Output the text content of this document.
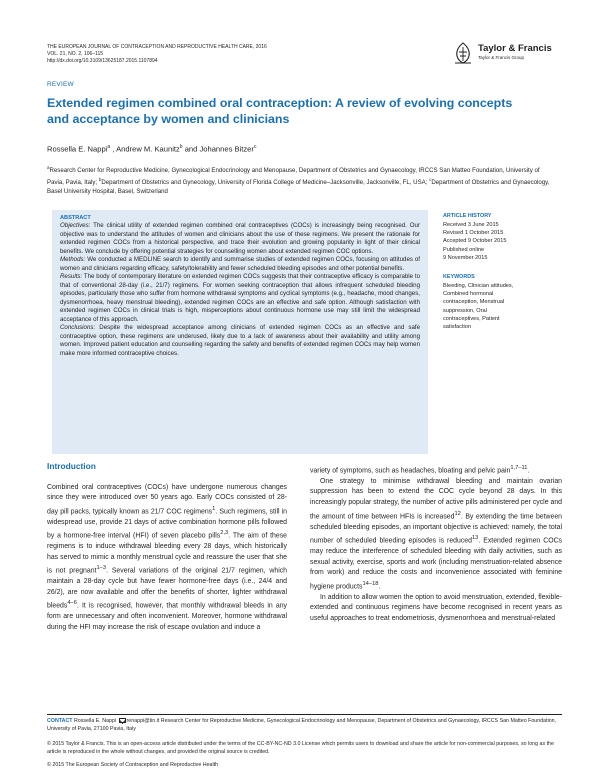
THE EUROPEAN JOURNAL OF CONTRACEPTION AND REPRODUCTIVE HEALTH CARE, 2016
VOL. 21, NO. 2, 106–115
http://dx.doi.org/10.3109/13625187.2015.1107894
Taylor & Francis
Taylor & Francis Group
REVIEW
Extended regimen combined oral contraception: A review of evolving concepts and acceptance by women and clinicians
Rossella E. Nappi$^a$ , Andrew M. Kaunitz$^b$ and Johannes Bitzer$^c$
$^a$Research Center for Reproductive Medicine, Gynecological Endocrinology and Menopause, Department of Obstetrics and Gynaecology, IRCCS San Matteo Foundation, University of Pavia, Pavia, Italy; $^b$Department of Obstetrics and Gynecology, University of Florida College of Medicine–Jacksonville, Jacksonville, FL, USA; $^c$Department of Obstetrics and Gynaecology, Basel University Hospital, Basel, Switzerland
ABSTRACT

Objectives: The clinical utility of extended regimen combined oral contraceptives (COCs) is increasingly being recognised. Our objective was to understand the attitudes of women and clinicians about the use of these regimens. We present the rationale for extended regimen COCs from a historical perspective, and trace their evolution and growing popularity in light of their clinical benefits. We conclude by offering potential strategies for counselling women about extended regimen COC options.

Methods: We conducted a MEDLINE search to identify and summarise studies of extended regimen COCs, focusing on attitudes of women and clinicians regarding efficacy, safety/tolerability and fewer scheduled bleeding episodes and other potential benefits.

Results: The body of contemporary literature on extended regimen COCs suggests that their contraceptive efficacy is comparable to that of conventional 28-day (i.e., 21/7) regimens. For women seeking contraception that allows infrequent scheduled bleeding episodes, particularly those who suffer from hormone withdrawal symptoms and cyclical symptoms (e.g., headache, mood changes, dysmenorrhoea, heavy menstrual bleeding), extended regimen COCs are an effective and safe option. Although satisfaction with extended regimen COCs in clinical trials is high, misperceptions about continuous hormone use may still limit the widespread acceptance of this approach.

Conclusions: Despite the widespread acceptance among clinicians of extended regimen COCs as an effective and safe contraceptive option, these regimens are underused, likely due to a lack of awareness about their availability and utility among women. Improved patient education and counselling regarding the safety and benefits of extended regimen COCs may help women make more informed contraceptive choices.

ARTICLE HISTORY
Received 3 June 2015
Revised 1 October 2015
Accepted 9 October 2015
Published online
9 November 2015
KEYWORDS
Bleeding, Clinician attitudes,
Combined hormonal
contraception, Menstrual
suppression, Oral
contraceptives, Patient
satisfaction
Introduction

Combined oral contraceptives (COCs) have undergone numerous changes since they were introduced over 50 years ago. Early COCs consisted of 28-day pill packs, typically known as 21/7 COC regimens$^1$. Such regimens, still in widespread use, provide 21 days of active combination hormone pills followed by a hormone-free interval (HFI) of seven placebo pills$^{2,3}$. The aim of these regimens is to induce withdrawal bleeding every 28 days, which historically has served to mimic a monthly menstrual cycle and reassure the user that she is not pregnant$^{1-3}$. Several variations of the original 21/7 regimen, which maintain a 28-day cycle but have fewer hormone-free days (i.e., 24/4 and 26/2), are now available and offer the benefits of shorter, lighter withdrawal bleeds$^{4-6}$. It is recognised, however, that monthly withdrawal bleeds in any form are unnecessary and often inconvenient. Moreover, hormone withdrawal during the HFI may increase the risk of escape ovulation and induce a

variety of symptoms, such as headaches, bloating and pelvic pain$^{1,7-11}$.

One strategy to minimise withdrawal bleeding and maintain ovarian suppression has been to extend the COC cycle beyond 28 days. In this increasingly popular strategy, the number of active pills administered per cycle and the amount of time between HFIs is increased$^{12}$. By extending the time between scheduled bleeding episodes, an important objective is achieved: namely, the total number of scheduled bleeding episodes is reduced$^{13}$. Extended regimen COCs may reduce the interference of scheduled bleeding with daily activities, such as sexual activity, exercise, sports and work (including menstruation-related absence from work) and reduce the costs and inconvenience associated with feminine hygiene products$^{14-18}$.

In addition to allow women the option to avoid menstruation, extended, flexible-extended and continuous regimens have become recognised in recent years as useful approaches to treat endometriosis, dysmenorrhoea and menstrual-related

CONTACT Rossella E. Nappi renappi@tin.it Research Center for Reproductive Medicine, Gynecological Endocrinology and Menopause, Department of Obstetrics and Gynaecology, IRCCS San Matteo Foundation, University of Pavia, 27100 Pavia, Italy
© 2015 Taylor & Francis. This is an open-access article distributed under the terms of the CC-BY-NC-ND 3.0 License which permits users to download and share the article for non-commercial purposes, so long as the article is reproduced in the whole without changes, and provided the original source is credited.
© 2015 The European Society of Contraception and Reproductive Health
